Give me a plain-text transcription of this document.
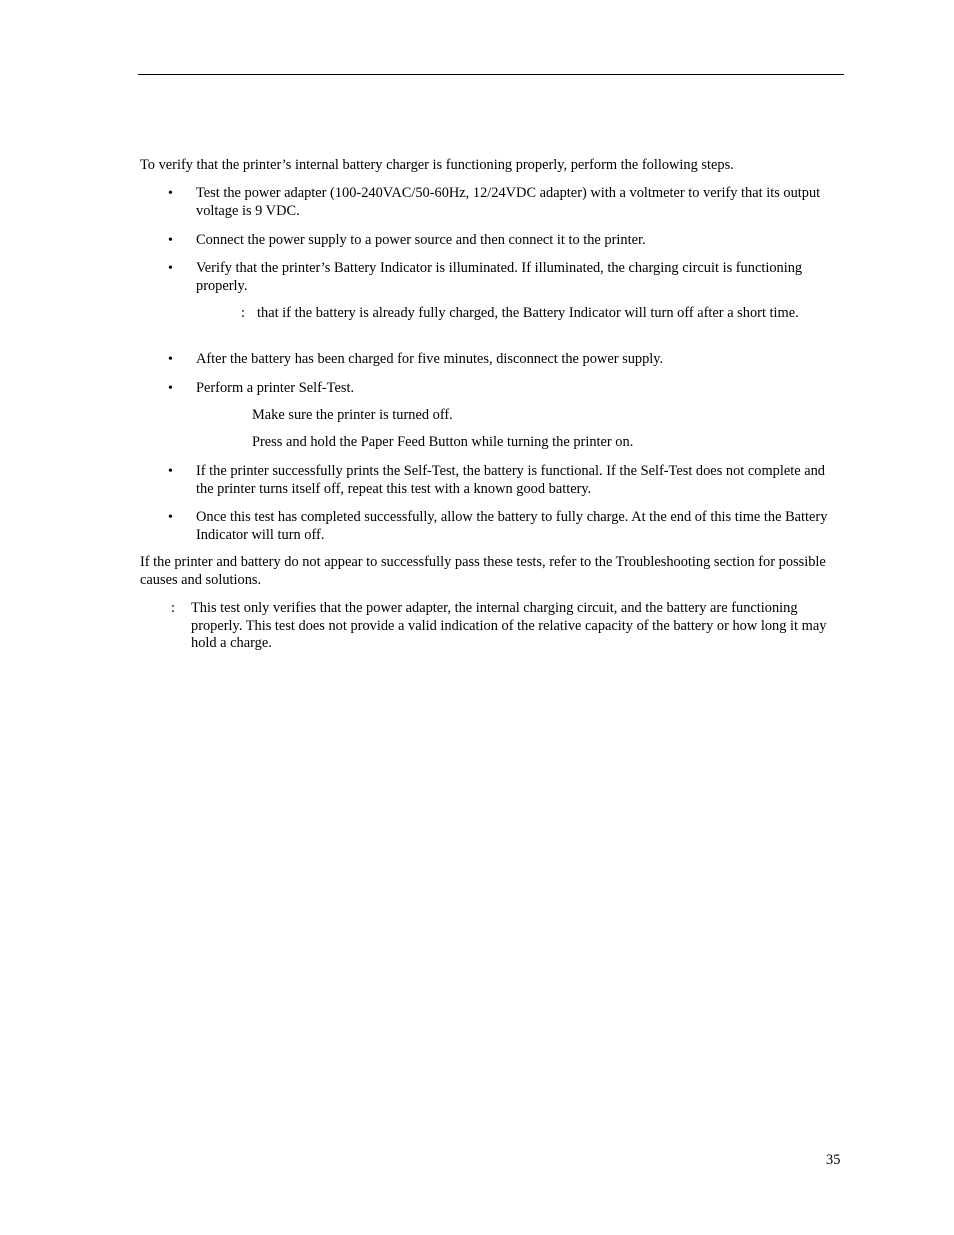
To verify that the printer’s internal battery charger is functioning properly, perform the following steps.

•	Test the power adapter (100-240VAC/50-60Hz, 12/24VDC adapter) with a voltmeter to verify that its output voltage is 9 VDC.
•	Connect the power supply to a power source and then connect it to the printer.
•	Verify that the printer’s Battery Indicator is illuminated. If illuminated, the charging circuit is functioning properly.
: that if the battery is already fully charged, the Battery Indicator will turn off after a short time.
•	After the battery has been charged for five minutes, disconnect the power supply.
•	Perform a printer Self-Test.
Make sure the printer is turned off.
Press and hold the Paper Feed Button while turning the printer on.
•	If the printer successfully prints the Self-Test, the battery is functional. If the Self-Test does not complete and the printer turns itself off, repeat this test with a known good battery.
•	Once this test has completed successfully, allow the battery to fully charge. At the end of this time the Battery Indicator will turn off.

If the printer and battery do not appear to successfully pass these tests, refer to the Troubleshooting section for possible causes and solutions.

: This test only verifies that the power adapter, the internal charging circuit, and the battery are functioning properly. This test does not provide a valid indication of the relative capacity of the battery or how long it may hold a charge.
35
